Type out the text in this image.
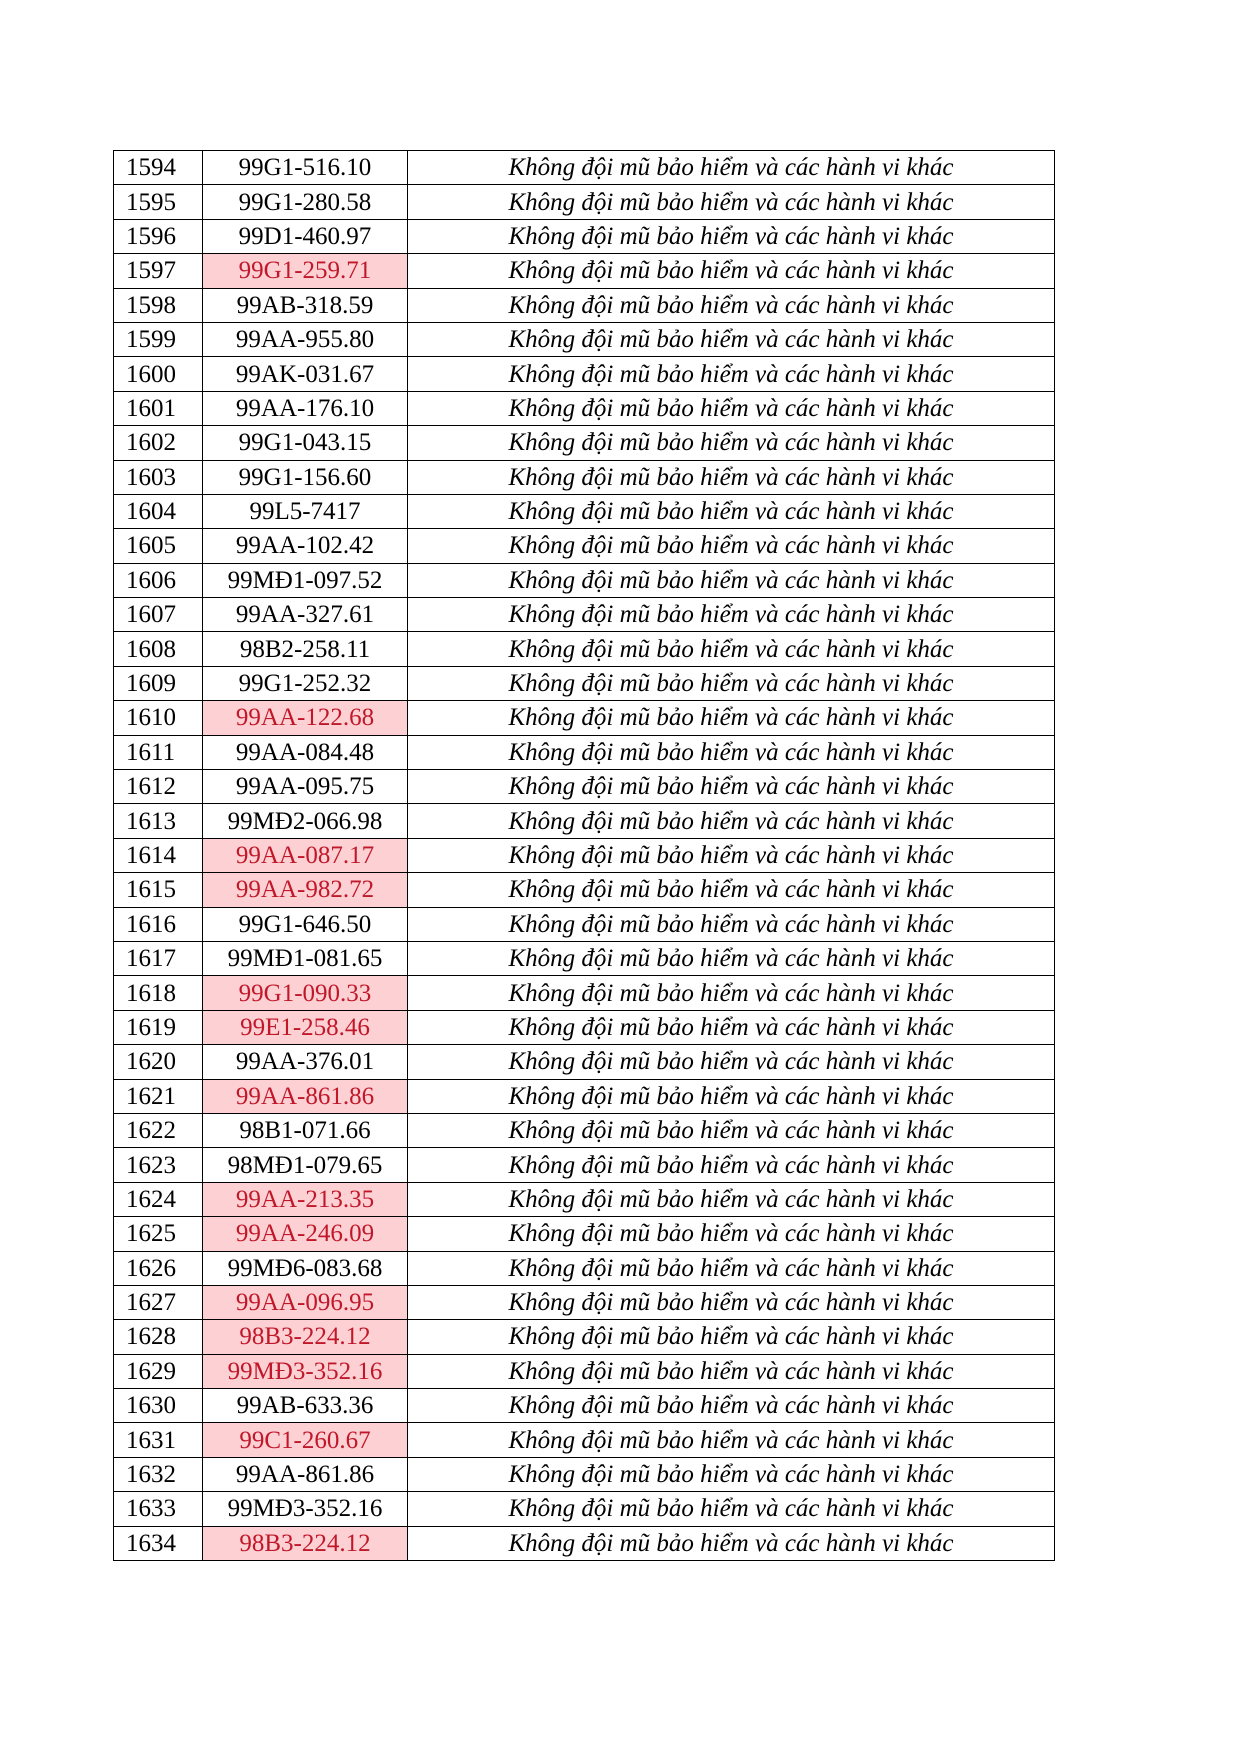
1594	99G1-516.10	Không đội mũ bảo hiểm và các hành vi khác
1595	99G1-280.58	Không đội mũ bảo hiểm và các hành vi khác
1596	99D1-460.97	Không đội mũ bảo hiểm và các hành vi khác
1597	99G1-259.71	Không đội mũ bảo hiểm và các hành vi khác
1598	99AB-318.59	Không đội mũ bảo hiểm và các hành vi khác
1599	99AA-955.80	Không đội mũ bảo hiểm và các hành vi khác
1600	99AK-031.67	Không đội mũ bảo hiểm và các hành vi khác
1601	99AA-176.10	Không đội mũ bảo hiểm và các hành vi khác
1602	99G1-043.15	Không đội mũ bảo hiểm và các hành vi khác
1603	99G1-156.60	Không đội mũ bảo hiểm và các hành vi khác
1604	99L5-7417	Không đội mũ bảo hiểm và các hành vi khác
1605	99AA-102.42	Không đội mũ bảo hiểm và các hành vi khác
1606	99MĐ1-097.52	Không đội mũ bảo hiểm và các hành vi khác
1607	99AA-327.61	Không đội mũ bảo hiểm và các hành vi khác
1608	98B2-258.11	Không đội mũ bảo hiểm và các hành vi khác
1609	99G1-252.32	Không đội mũ bảo hiểm và các hành vi khác
1610	99AA-122.68	Không đội mũ bảo hiểm và các hành vi khác
1611	99AA-084.48	Không đội mũ bảo hiểm và các hành vi khác
1612	99AA-095.75	Không đội mũ bảo hiểm và các hành vi khác
1613	99MĐ2-066.98	Không đội mũ bảo hiểm và các hành vi khác
1614	99AA-087.17	Không đội mũ bảo hiểm và các hành vi khác
1615	99AA-982.72	Không đội mũ bảo hiểm và các hành vi khác
1616	99G1-646.50	Không đội mũ bảo hiểm và các hành vi khác
1617	99MĐ1-081.65	Không đội mũ bảo hiểm và các hành vi khác
1618	99G1-090.33	Không đội mũ bảo hiểm và các hành vi khác
1619	99E1-258.46	Không đội mũ bảo hiểm và các hành vi khác
1620	99AA-376.01	Không đội mũ bảo hiểm và các hành vi khác
1621	99AA-861.86	Không đội mũ bảo hiểm và các hành vi khác
1622	98B1-071.66	Không đội mũ bảo hiểm và các hành vi khác
1623	98MĐ1-079.65	Không đội mũ bảo hiểm và các hành vi khác
1624	99AA-213.35	Không đội mũ bảo hiểm và các hành vi khác
1625	99AA-246.09	Không đội mũ bảo hiểm và các hành vi khác
1626	99MĐ6-083.68	Không đội mũ bảo hiểm và các hành vi khác
1627	99AA-096.95	Không đội mũ bảo hiểm và các hành vi khác
1628	98B3-224.12	Không đội mũ bảo hiểm và các hành vi khác
1629	99MĐ3-352.16	Không đội mũ bảo hiểm và các hành vi khác
1630	99AB-633.36	Không đội mũ bảo hiểm và các hành vi khác
1631	99C1-260.67	Không đội mũ bảo hiểm và các hành vi khác
1632	99AA-861.86	Không đội mũ bảo hiểm và các hành vi khác
1633	99MĐ3-352.16	Không đội mũ bảo hiểm và các hành vi khác
1634	98B3-224.12	Không đội mũ bảo hiểm và các hành vi khác
